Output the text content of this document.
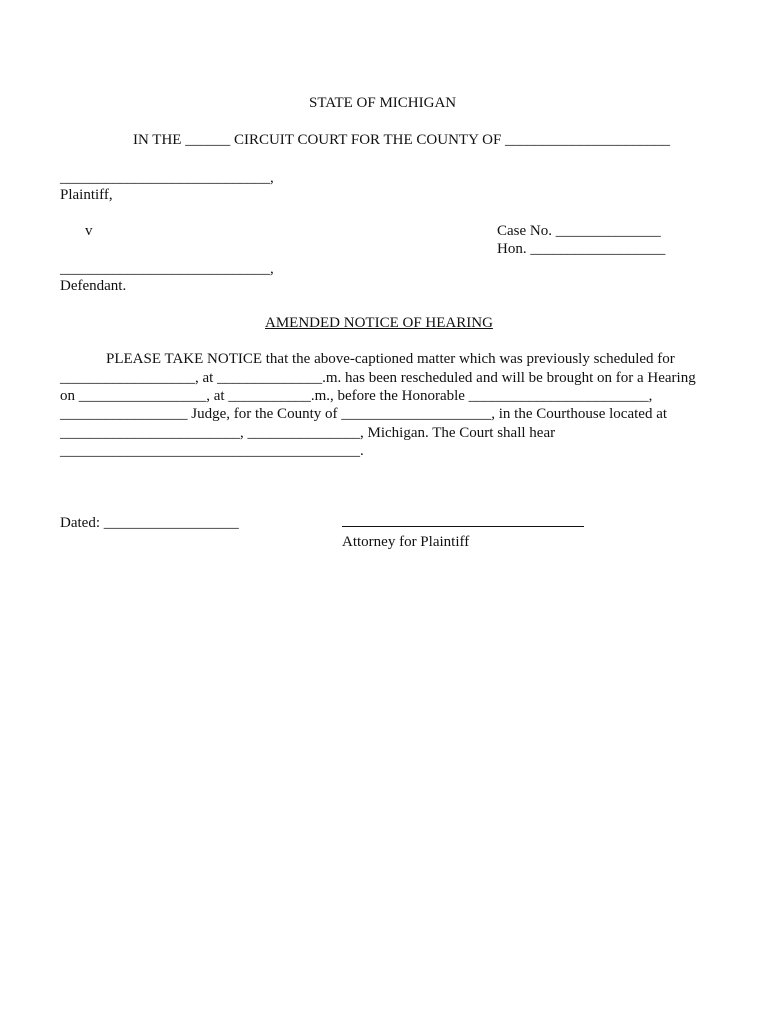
STATE OF MICHIGAN
IN THE ______ CIRCUIT COURT FOR THE COUNTY OF ______________________
____________________________,
Plaintiff,
v	Case No. ______________
Hon. __________________
____________________________,
Defendant.
AMENDED NOTICE OF HEARING
PLEASE TAKE NOTICE that the above-captioned matter which was previously scheduled for
__________________, at ______________.m. has been rescheduled and will be brought on for a Hearing
on _________________, at ___________.m., before the Honorable ________________________,
_________________ Judge, for the County of ____________________, in the Courthouse located at
________________________, _______________, Michigan. The Court shall hear
________________________________________.
Dated: __________________
Attorney for Plaintiff
